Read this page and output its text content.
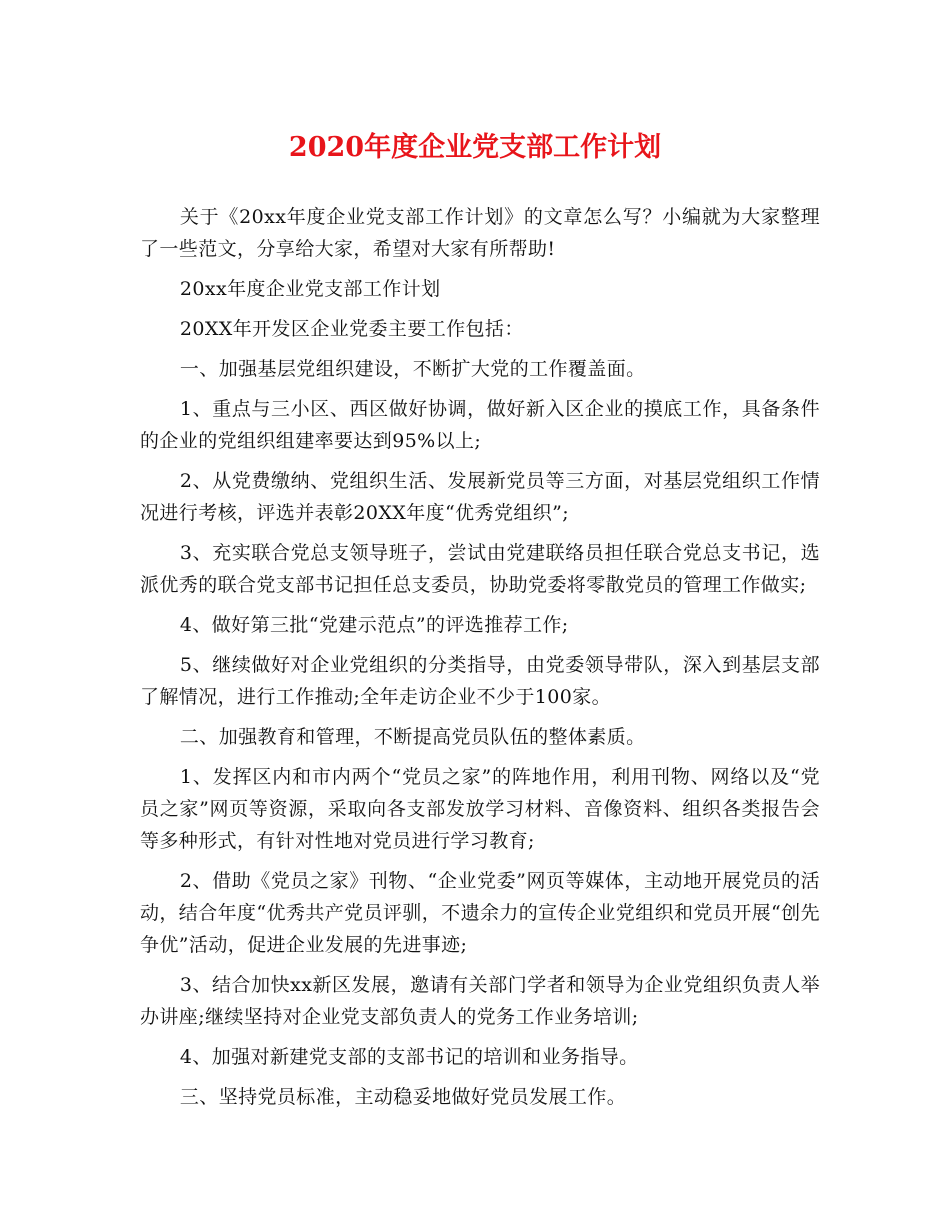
2020年度企业党支部工作计划

关于《20xx年度企业党支部工作计划》的文章怎么写？小编就为大家整理了一些范文，分享给大家，希望对大家有所帮助!

20xx年度企业党支部工作计划

20XX年开发区企业党委主要工作包括：

一、加强基层党组织建设，不断扩大党的工作覆盖面。

1、重点与三小区、西区做好协调，做好新入区企业的摸底工作，具备条件的企业的党组织组建率要达到95%以上;

2、从党费缴纳、党组织生活、发展新党员等三方面，对基层党组织工作情况进行考核，评选并表彰20XX年度“优秀党组织”;

3、充实联合党总支领导班子，尝试由党建联络员担任联合党总支书记，选派优秀的联合党支部书记担任总支委员，协助党委将零散党员的管理工作做实;

4、做好第三批“党建示范点”的评选推荐工作;

5、继续做好对企业党组织的分类指导，由党委领导带队，深入到基层支部了解情况，进行工作推动;全年走访企业不少于100家。

二、加强教育和管理，不断提高党员队伍的整体素质。

1、发挥区内和市内两个“党员之家”的阵地作用，利用刊物、网络以及“党员之家”网页等资源，采取向各支部发放学习材料、音像资料、组织各类报告会等多种形式，有针对性地对党员进行学习教育;

2、借助《党员之家》刊物、“企业党委”网页等媒体，主动地开展党员的活动，结合年度“优秀共产党员评驯，不遗余力的宣传企业党组织和党员开展“创先争优”活动，促进企业发展的先进事迹;

3、结合加快xx新区发展，邀请有关部门学者和领导为企业党组织负责人举办讲座;继续坚持对企业党支部负责人的党务工作业务培训;

4、加强对新建党支部的支部书记的培训和业务指导。

三、坚持党员标准，主动稳妥地做好党员发展工作。
